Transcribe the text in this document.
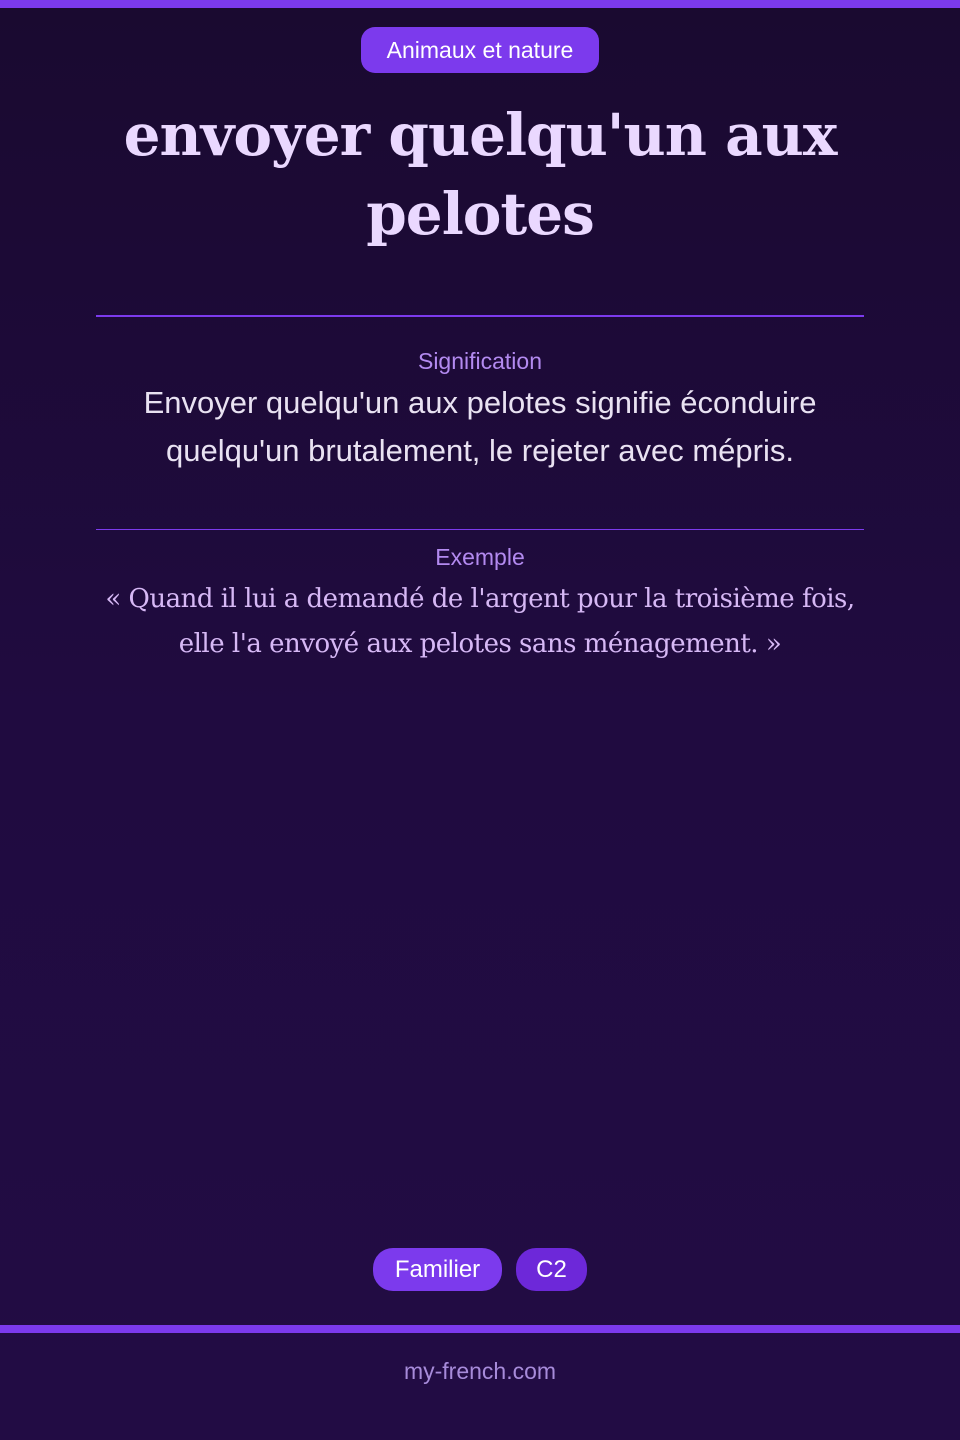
Animaux et nature
envoyer quelqu'un aux pelotes
Signification
Envoyer quelqu'un aux pelotes signifie éconduire quelqu'un brutalement, le rejeter avec mépris.
Exemple
« Quand il lui a demandé de l'argent pour la troisième fois, elle l'a envoyé aux pelotes sans ménagement. »
Familier	C2
my-french.com
